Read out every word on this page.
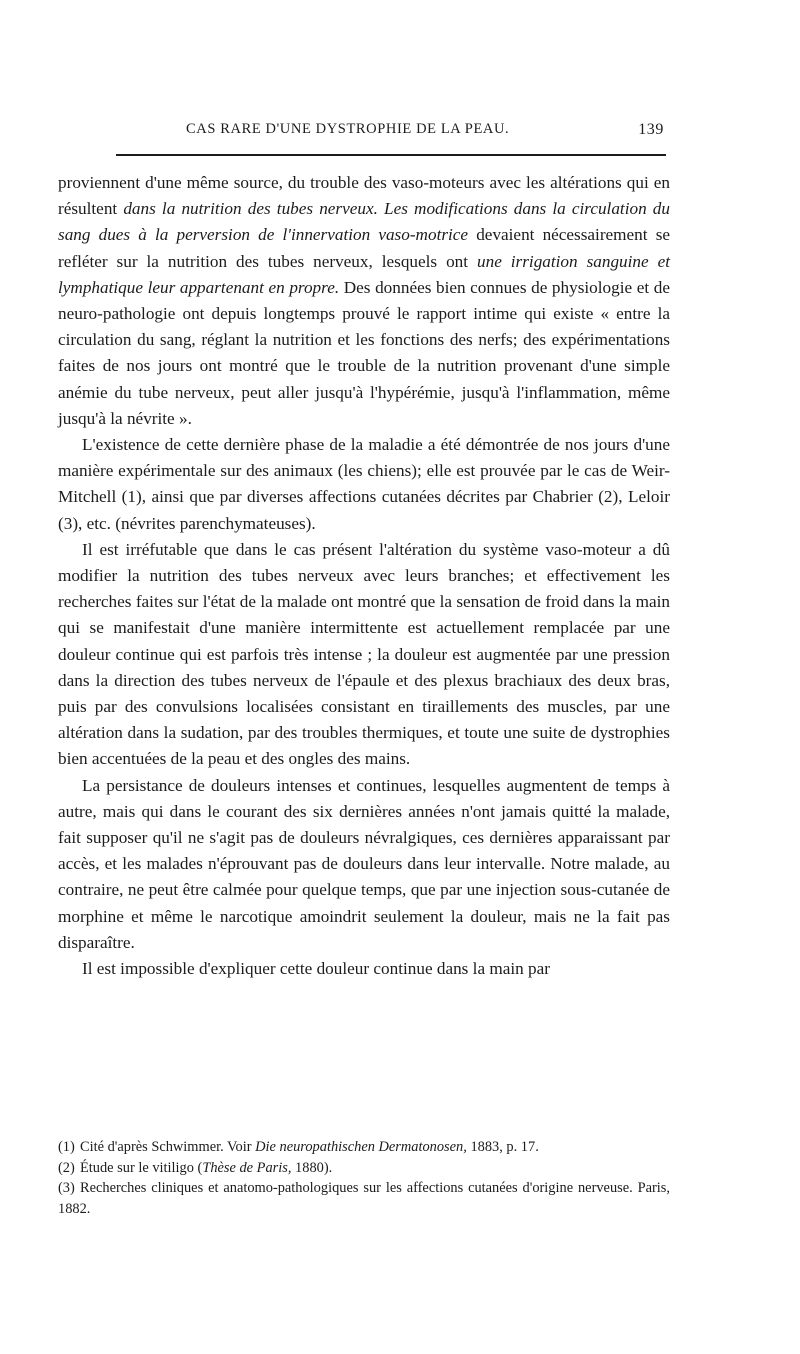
CAS RARE D'UNE DYSTROPHIE DE LA PEAU.	139

proviennent d'une même source, du trouble des vaso-moteurs avec les altérations qui en résultent dans la nutrition des tubes nerveux. Les modifications dans la circulation du sang dues à la perversion de l'innervation vaso-motrice devaient nécessairement se refléter sur la nutrition des tubes nerveux, lesquels ont une irrigation sanguine et lymphatique leur appartenant en propre. Des données bien connues de physiologie et de neuro-pathologie ont depuis longtemps prouvé le rapport intime qui existe « entre la circulation du sang, réglant la nutrition et les fonctions des nerfs; des expérimentations faites de nos jours ont montré que le trouble de la nutrition provenant d'une simple anémie du tube nerveux, peut aller jusqu'à l'hypérémie, jusqu'à l'inflammation, même jusqu'à la névrite ».

L'existence de cette dernière phase de la maladie a été démontrée de nos jours d'une manière expérimentale sur des animaux (les chiens); elle est prouvée par le cas de Weir-Mitchell (1), ainsi que par diverses affections cutanées décrites par Chabrier (2), Leloir (3), etc. (névrites parenchymateuses).

Il est irréfutable que dans le cas présent l'altération du système vaso-moteur a dû modifier la nutrition des tubes nerveux avec leurs branches; et effectivement les recherches faites sur l'état de la malade ont montré que la sensation de froid dans la main qui se manifestait d'une manière intermittente est actuellement remplacée par une douleur continue qui est parfois très intense ; la douleur est augmentée par une pression dans la direction des tubes nerveux de l'épaule et des plexus brachiaux des deux bras, puis par des convulsions localisées consistant en tiraillements des muscles, par une altération dans la sudation, par des troubles thermiques, et toute une suite de dystrophies bien accentuées de la peau et des ongles des mains.

La persistance de douleurs intenses et continues, lesquelles augmentent de temps à autre, mais qui dans le courant des six dernières années n'ont jamais quitté la malade, fait supposer qu'il ne s'agit pas de douleurs névralgiques, ces dernières apparaissant par accès, et les malades n'éprouvant pas de douleurs dans leur intervalle. Notre malade, au contraire, ne peut être calmée pour quelque temps, que par une injection sous-cutanée de morphine et même le narcotique amoindrit seulement la douleur, mais ne la fait pas disparaître.

Il est impossible d'expliquer cette douleur continue dans la main par

(1) Cité d'après Schwimmer. Voir Die neuropathischen Dermatonosen, 1883, p. 17.

(2) Étude sur le vitiligo (Thèse de Paris, 1880).

(3) Recherches cliniques et anatomo-pathologiques sur les affections cutanées d'origine nerveuse. Paris, 1882.
